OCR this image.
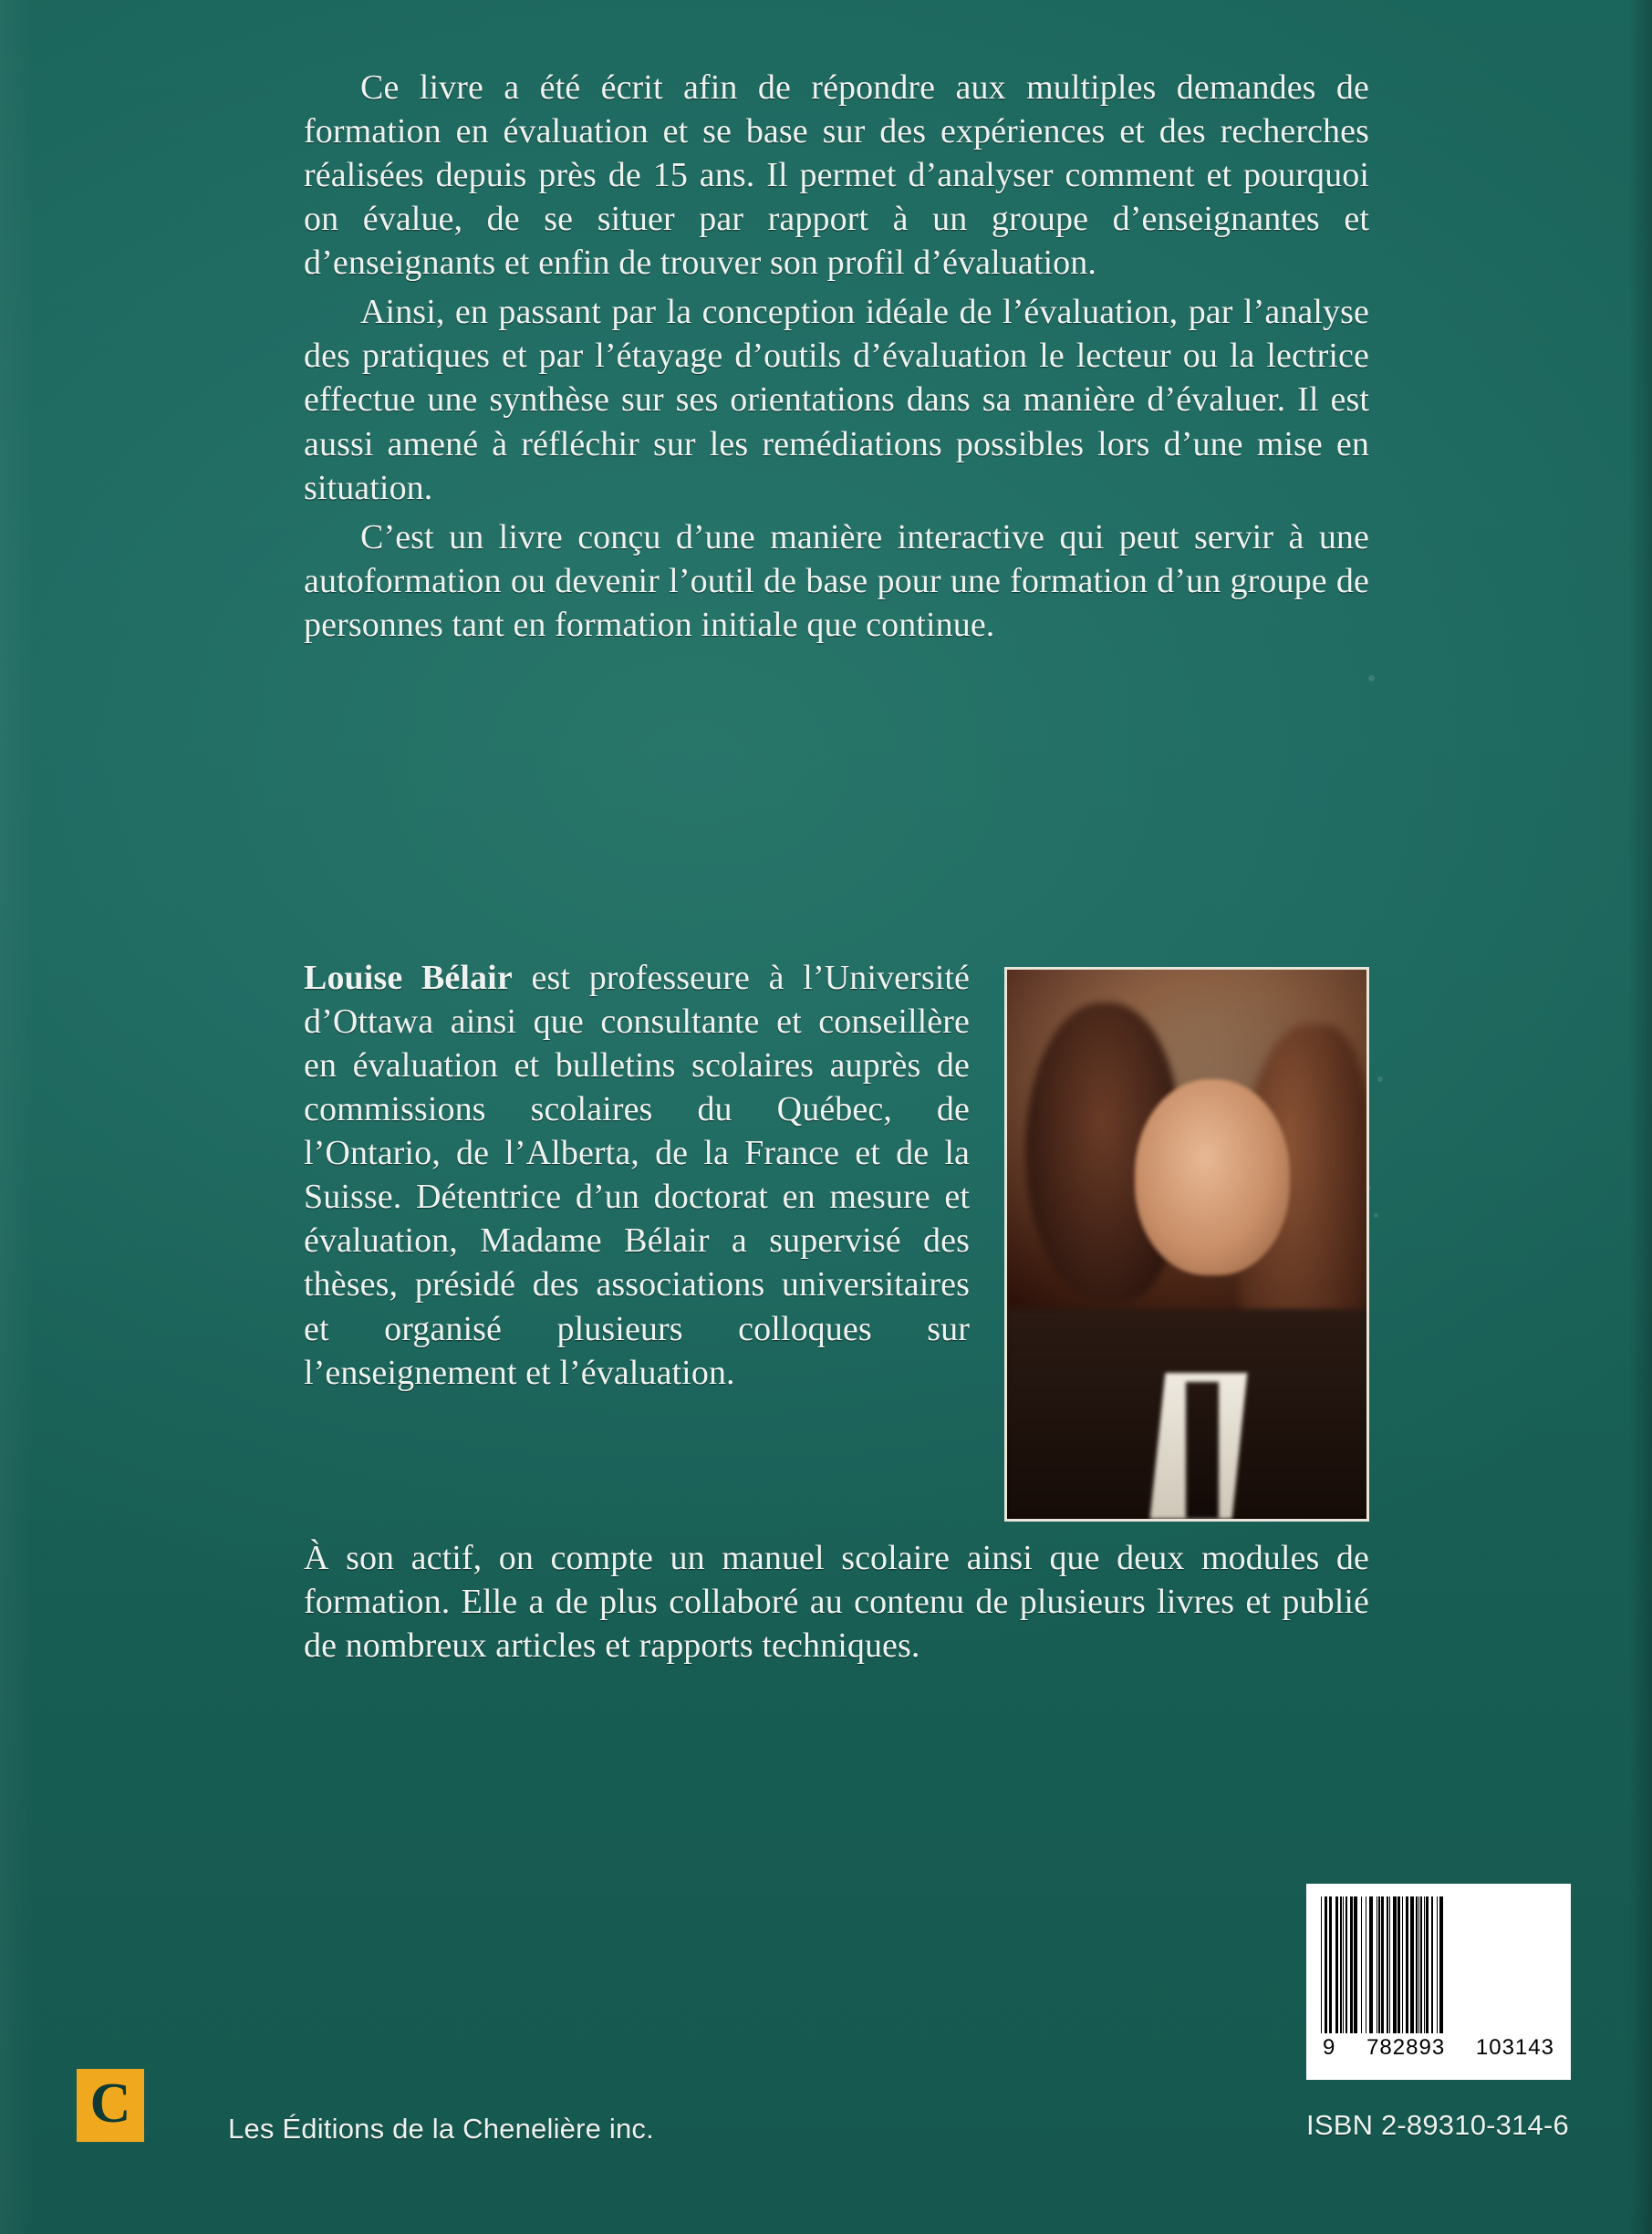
Ce livre a été écrit afin de répondre aux multiples demandes de formation en évaluation et se base sur des expériences et des recherches réalisées depuis près de 15 ans. Il permet d’analyser comment et pourquoi on évalue, de se situer par rapport à un groupe d’enseignantes et d’enseignants et enfin de trouver son profil d’évaluation.

Ainsi, en passant par la conception idéale de l’évaluation, par l’analyse des pratiques et par l’étayage d’outils d’évaluation le lecteur ou la lectrice effectue une synthèse sur ses orientations dans sa manière d’évaluer. Il est aussi amené à réfléchir sur les remédiations possibles lors d’une mise en situation.

C’est un livre conçu d’une manière interactive qui peut servir à une autoformation ou devenir l’outil de base pour une formation d’un groupe de personnes tant en formation initiale que continue.

Louise Bélair est professeure à l’Université d’Ottawa ainsi que consultante et conseillère en évaluation et bulletins scolaires auprès de commissions scolaires du Québec, de l’Ontario, de l’Alberta, de la France et de la Suisse. Détentrice d’un doctorat en mesure et évaluation, Madame Bélair a supervisé des thèses, présidé des associations universitaires et organisé plusieurs colloques sur l’enseignement et l’évaluation.
À son actif, on compte un manuel scolaire ainsi que deux modules de formation. Elle a de plus collaboré au contenu de plusieurs livres et publié de nombreux articles et rapports techniques.
C	Les Éditions de la Chenelière inc.
9 782893 103143
ISBN 2-89310-314-6
